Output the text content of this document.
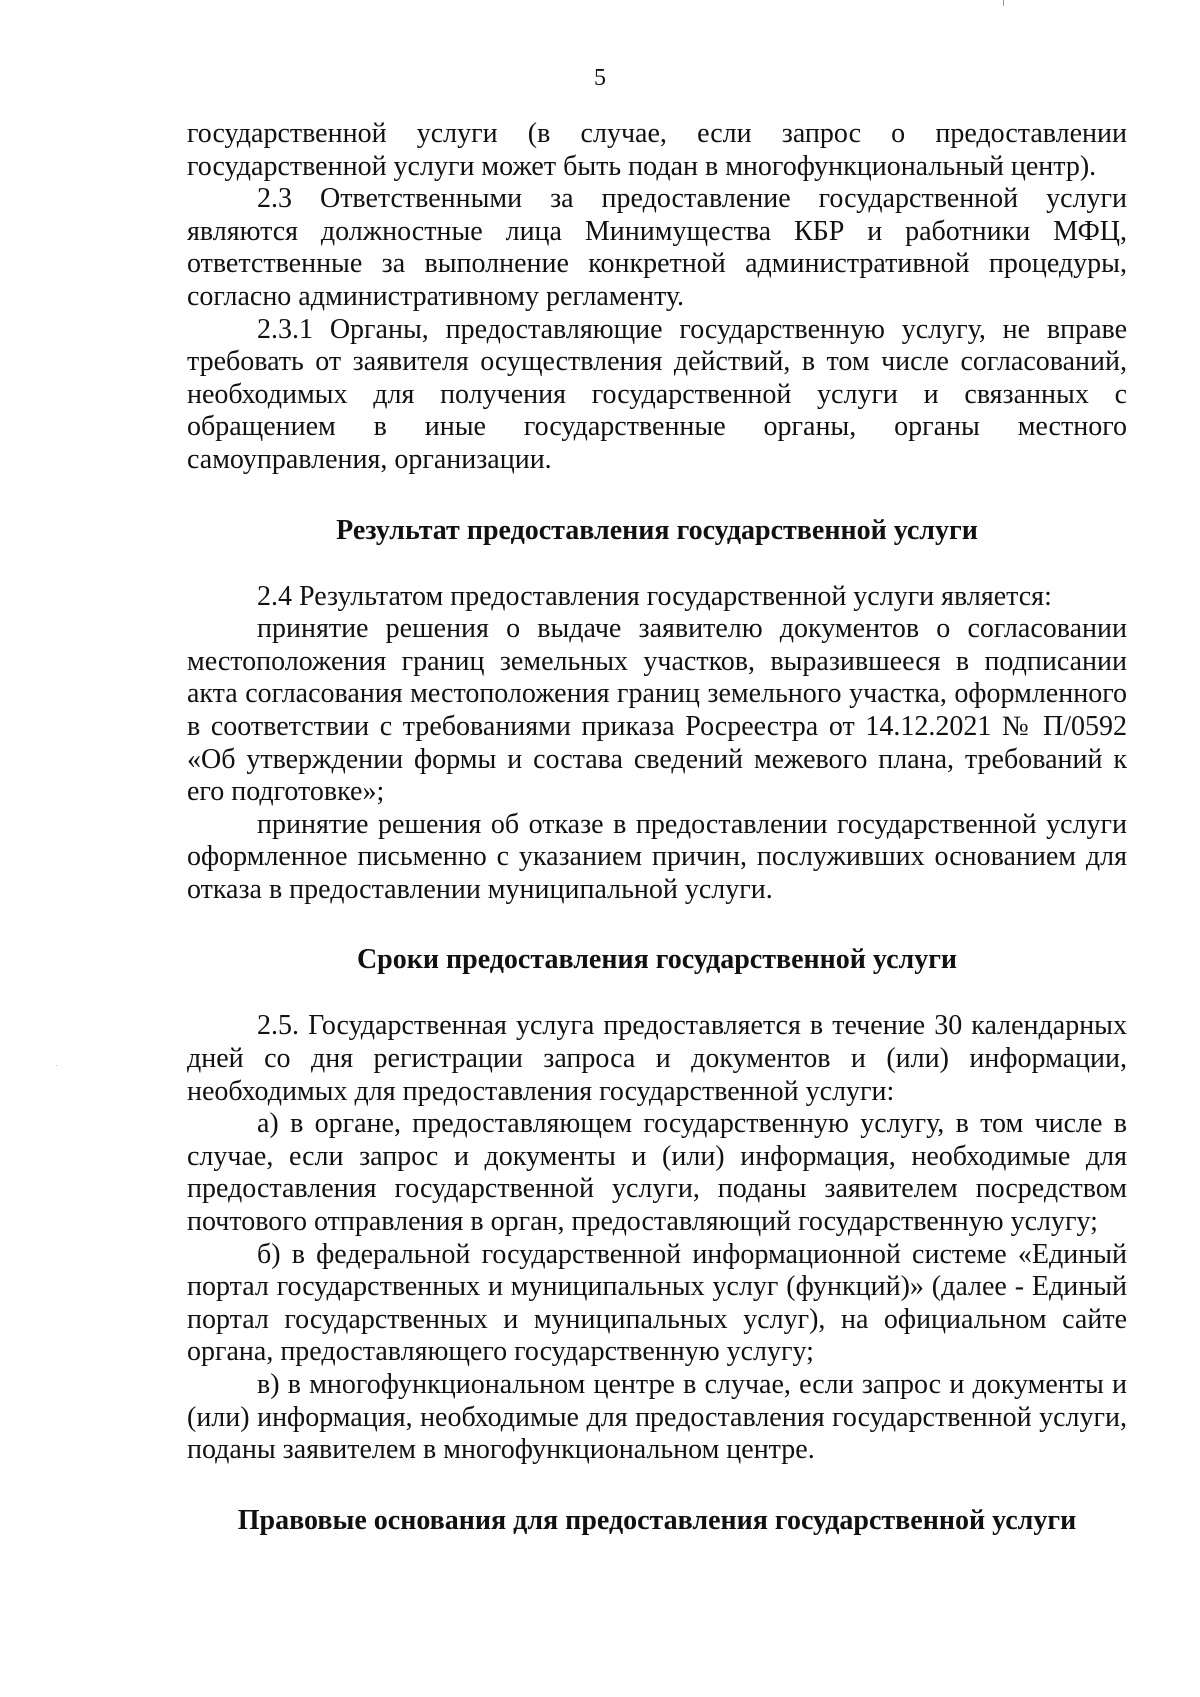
5

государственной услуги (в случае, если запрос о предоставлении государственной услуги может быть подан в многофункциональный центр).

2.3 Ответственными за предоставление государственной услуги являются должностные лица Минимущества КБР и работники МФЦ, ответственные за выполнение конкретной административной процедуры, согласно административному регламенту.

2.3.1 Органы, предоставляющие государственную услугу, не вправе требовать от заявителя осуществления действий, в том числе согласований, необходимых для получения государственной услуги и связанных с обращением в иные государственные органы, органы местного самоуправления, организации.

Результат предоставления государственной услуги

2.4 Результатом предоставления государственной услуги является:

принятие решения о выдаче заявителю документов о согласовании местоположения границ земельных участков, выразившееся в подписании акта согласования местоположения границ земельного участка, оформленного в соответствии с требованиями приказа Росреестра от 14.12.2021 № П/0592 «Об утверждении формы и состава сведений межевого плана, требований к его подготовке»;

принятие решения об отказе в предоставлении государственной услуги оформленное письменно с указанием причин, послуживших основанием для отказа в предоставлении муниципальной услуги.

Сроки предоставления государственной услуги

2.5. Государственная услуга предоставляется в течение 30 календарных дней со дня регистрации запроса и документов и (или) информации, необходимых для предоставления государственной услуги:

а) в органе, предоставляющем государственную услугу, в том числе в случае, если запрос и документы и (или) информация, необходимые для предоставления государственной услуги, поданы заявителем посредством почтового отправления в орган, предоставляющий государственную услугу;

б) в федеральной государственной информационной системе «Единый портал государственных и муниципальных услуг (функций)» (далее - Единый портал государственных и муниципальных услуг), на официальном сайте органа, предоставляющего государственную услугу;

в) в многофункциональном центре в случае, если запрос и документы и (или) информация, необходимые для предоставления государственной услуги, поданы заявителем в многофункциональном центре.

Правовые основания для предоставления государственной услуги
